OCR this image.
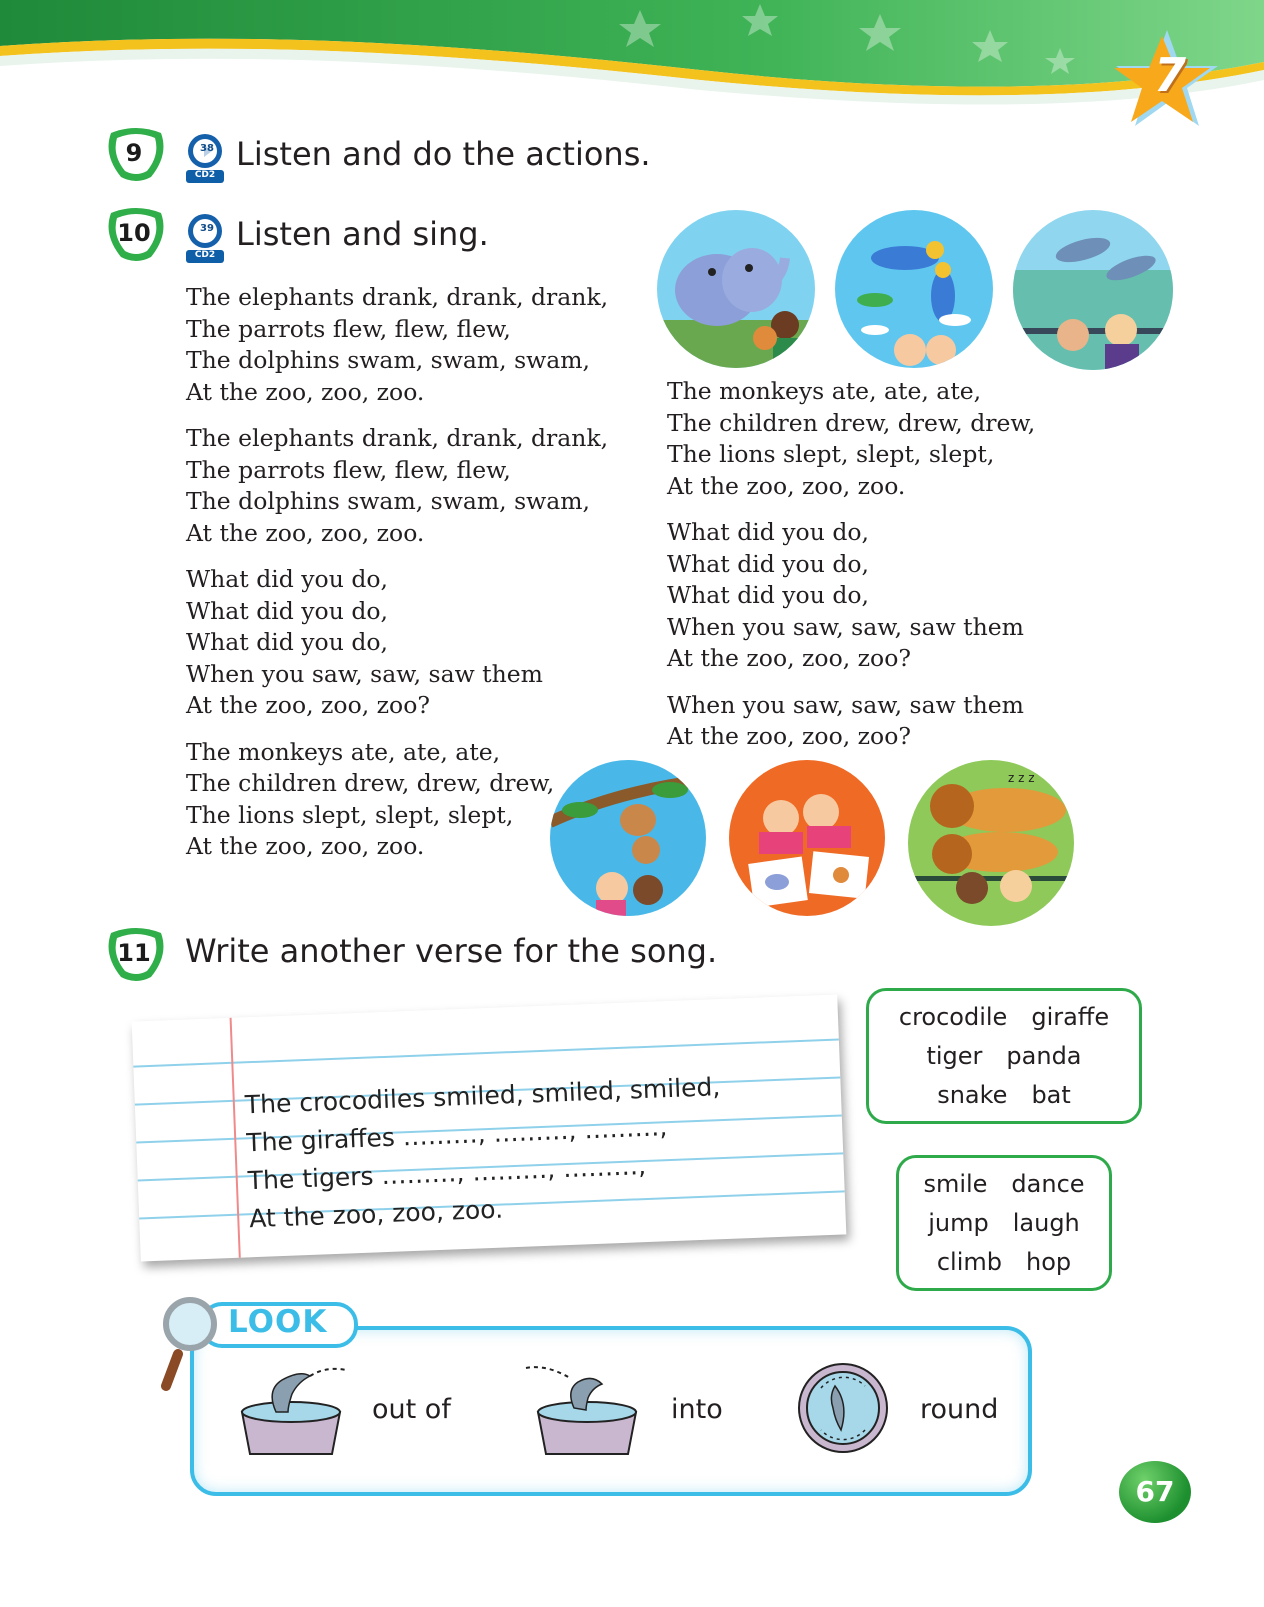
7
9	38
CD2
Listen and do the actions.
10	39
CD2
Listen and sing.
The elephants drank, drank, drank,
The parrots flew, flew, flew,
The dolphins swam, swam, swam,
At the zoo, zoo, zoo.
The elephants drank, drank, drank,
The parrots flew, flew, flew,
The dolphins swam, swam, swam,
At the zoo, zoo, zoo.
What did you do,
What did you do,
What did you do,
When you saw, saw, saw them
At the zoo, zoo, zoo?
The monkeys ate, ate, ate,
The children drew, drew, drew,
The lions slept, slept, slept,
At the zoo, zoo, zoo.
The monkeys ate, ate, ate,
The children drew, drew, drew,
The lions slept, slept, slept,
At the zoo, zoo, zoo.
What did you do,
What did you do,
What did you do,
When you saw, saw, saw them
At the zoo, zoo, zoo?
When you saw, saw, saw them
At the zoo, zoo, zoo?
z z z
11	Write another verse for the song.
The crocodiles smiled, smiled, smiled,
The giraffes ………, ………, ………,
The tigers ………, ………, ………,
At the zoo, zoo, zoo.
crocodile giraffe
tiger panda
snake bat
smile dance
jump laugh
climb hop
LOOK
out of	into	round
67
